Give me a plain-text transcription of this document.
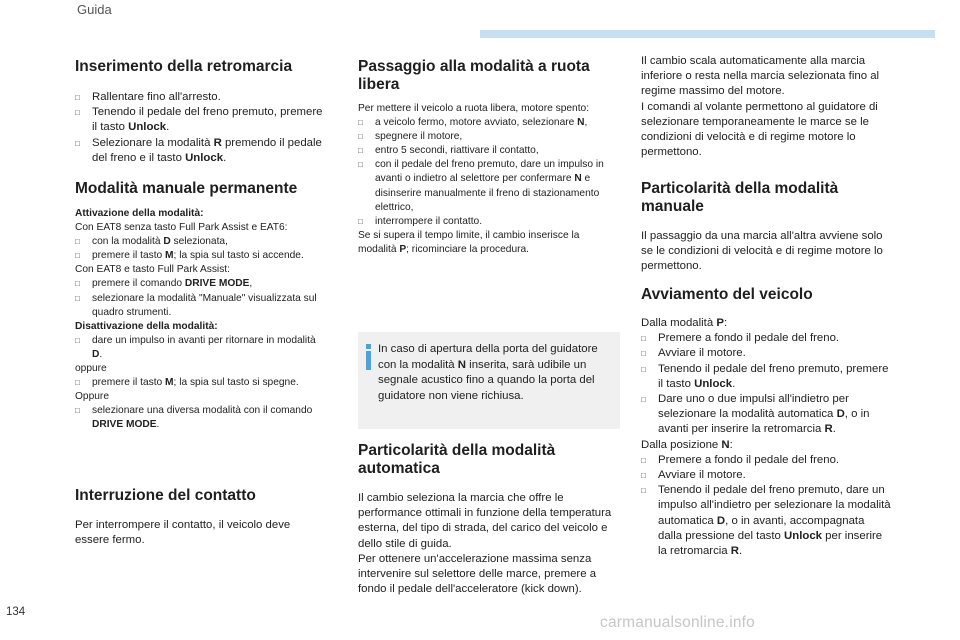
Guida
Inserimento della retromarcia
□ Rallentare fino all'arresto.
□ Tenendo il pedale del freno premuto, premere il tasto Unlock.
□ Selezionare la modalità R premendo il pedale del freno e il tasto Unlock.
Modalità manuale permanente

Attivazione della modalità:

Con EAT8 senza tasto Full Park Assist e EAT6:

□ con la modalità D selezionata,
□ premere il tasto M; la spia sul tasto si accende.

Con EAT8 e tasto Full Park Assist:

□ premere il comando DRIVE MODE,
□ selezionare la modalità "Manuale" visualizzata sul quadro strumenti.

Disattivazione della modalità:

□ dare un impulso in avanti per ritornare in modalità D.

oppure

□ premere il tasto M; la spia sul tasto si spegne.

Oppure

□ selezionare una diversa modalità con il comando DRIVE MODE.
Interruzione del contatto

Per interrompere il contatto, il veicolo deve essere fermo.

Passaggio alla modalità a ruota libera

Per mettere il veicolo a ruota libera, motore spento:

□ a veicolo fermo, motore avviato, selezionare N,
□ spegnere il motore,
□ entro 5 secondi, riattivare il contatto,
□ con il pedale del freno premuto, dare un impulso in avanti o indietro al selettore per confermare N e disinserire manualmente il freno di stazionamento elettrico,
□ interrompere il contatto.

Se si supera il tempo limite, il cambio inserisce la modalità P; ricominciare la procedura.

In caso di apertura della porta del guidatore con la modalità N inserita, sarà udibile un segnale acustico fino a quando la porta del guidatore non viene richiusa.

Particolarità della modalità automatica

Il cambio seleziona la marcia che offre le performance ottimali in funzione della temperatura esterna, del tipo di strada, del carico del veicolo e dello stile di guida.

Per ottenere un'accelerazione massima senza intervenire sul selettore delle marce, premere a fondo il pedale dell'acceleratore (kick down).

Il cambio scala automaticamente alla marcia inferiore o resta nella marcia selezionata fino al regime massimo del motore.

I comandi al volante permettono al guidatore di selezionare temporaneamente le marce se le condizioni di velocità e di regime motore lo permettono.

Particolarità della modalità manuale

Il passaggio da una marcia all'altra avviene solo se le condizioni di velocità e di regime motore lo permettono.

Avviamento del veicolo

Dalla modalità P:

□ Premere a fondo il pedale del freno.
□ Avviare il motore.
□ Tenendo il pedale del freno premuto, premere il tasto Unlock.
□ Dare uno o due impulsi all'indietro per selezionare la modalità automatica D, o in avanti per inserire la retromarcia R.

Dalla posizione N:

□ Premere a fondo il pedale del freno.
□ Avviare il motore.
□ Tenendo il pedale del freno premuto, dare un impulso all'indietro per selezionare la modalità automatica D, o in avanti, accompagnata dalla pressione del tasto Unlock per inserire la retromarcia R.
134
carmanualsonline.info
